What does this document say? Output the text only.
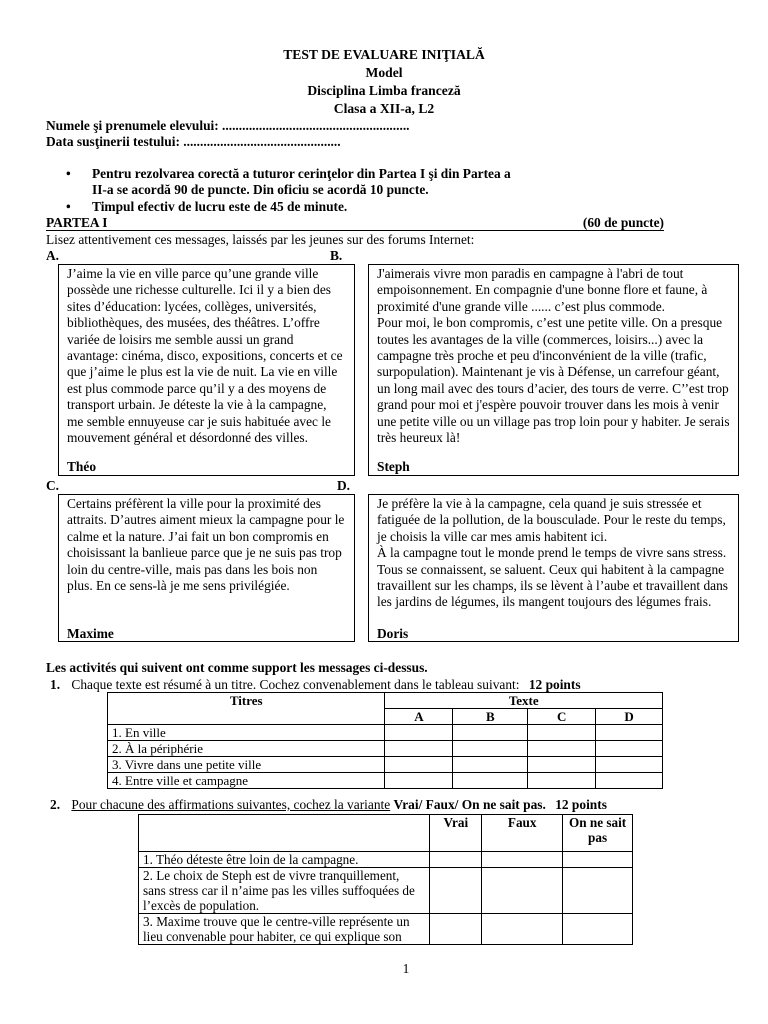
TEST DE EVALUARE INIŢIALĂ
Model
Disciplina Limba franceză
Clasa a XII-a, L2
Numele şi prenumele elevului: ........................................................
Data susţinerii testului: ...............................................
• Pentru rezolvarea corectă a tuturor cerinţelor din Partea I şi din Partea a II-a se acordă 90 de puncte. Din oficiu se acordă 10 puncte.
• Timpul efectiv de lucru este de 45 de minute.
PARTEA I	(60 de puncte)
Lisez attentivement ces messages, laissés par les jeunes sur des forums Internet:
A.	B.
J’aime la vie en ville parce qu’une grande ville possède une richesse culturelle. Ici il y a bien des sites d’éducation: lycées, collèges, universités, bibliothèques, des musées, des théâtres. L’offre variée de loisirs me semble aussi un grand avantage: cinéma, disco, expositions, concerts et ce que j’aime le plus est la vie de nuit. La vie en ville est plus commode parce qu’il y a des moyens de transport urbain. Je déteste la vie à la campagne, me semble ennuyeuse car je suis habituée avec le mouvement général et désordonné des villes.
Théo
J'aimerais vivre mon paradis en campagne à l'abri de tout empoisonnement. En compagnie d'une bonne flore et faune, à proximité d'une grande ville ...... c’est plus commode.
Pour moi, le bon compromis, c’est une petite ville. On a presque toutes les avantages de la ville (commerces, loisirs...) avec la campagne très proche et peu d'inconvénient de la ville (trafic, surpopulation). Maintenant je vis à Défense, un carrefour géant, un long mail avec des tours d’acier, des tours de verre. C’’est trop grand pour moi et j'espère pouvoir trouver dans les mois à venir une petite ville ou un village pas trop loin pour y habiter. Je serais très heureux là!
Steph
C.	D.
Certains préfèrent la ville pour la proximité des attraits. D’autres aiment mieux la campagne pour le calme et la nature. J’ai fait un bon compromis en choisissant la banlieue parce que je ne suis pas trop loin du centre-ville, mais pas dans les bois non plus. En ce sens-là je me sens privilégiée.
Maxime
Je préfère la vie à la campagne, cela quand je suis stressée et fatiguée de la pollution, de la bousculade. Pour le reste du temps, je choisis la ville car mes amis habitent ici.
À la campagne tout le monde prend le temps de vivre sans stress. Tous se connaissent, se saluent. Ceux qui habitent à la campagne travaillent sur les champs, ils se lèvent à l’aube et travaillent dans les jardins de légumes, ils mangent toujours des légumes frais.
Doris
Les activités qui suivent ont comme support les messages ci-dessus.
1. Chaque texte est résumé à un titre. Cochez convenablement dans le tableau suivant: 12 points
Titres	Texte			
	A	B	C	D
1. En ville				
2. À la périphérie				
3. Vivre dans une petite ville				
4. Entre ville et campagne				
2. Pour chacune des affirmations suivantes, cochez la variante Vrai/ Faux/ On ne sait pas. 12 points
	Vrai	Faux	On ne sait pas
1. Théo déteste être loin de la campagne.			
2. Le choix de Steph est de vivre tranquillement, sans stress car il n’aime pas les villes suffoquées de l’excès de population.			
3. Maxime trouve que le centre-ville représente un lieu convenable pour habiter, ce qui explique son			
1
